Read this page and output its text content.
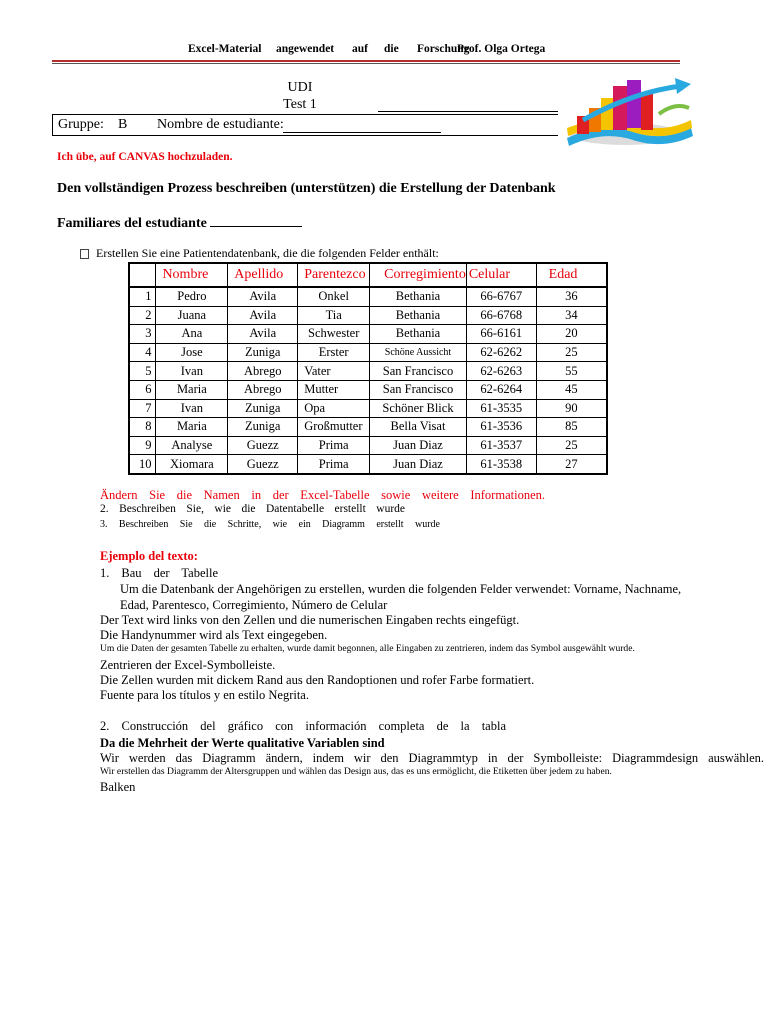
Excel-Material angewendet auf die Forschung
Prof. Olga Ortega
UDI
Test 1
Gruppe: B Nombre de estudiante:
Ich übe, auf CANVAS hochzuladen.
Den vollständigen Prozess beschreiben (unterstützen) die Erstellung der Datenbank
Familiares del estudiante
Erstellen Sie eine Patientendatenbank, die die folgenden Felder enthält:
	Nombre	Apellido	Parentezco	Corregimiento	Celular	Edad
1	Pedro	Avila	Onkel	Bethania	66-6767	36
2	Juana	Avila	Tia	Bethania	66-6768	34
3	Ana	Avila	Schwester	Bethania	66-6161	20
4	Jose	Zuniga	Erster	Schöne Aussicht	62-6262	25
5	Ivan	Abrego	Vater	San Francisco	62-6263	55
6	Maria	Abrego	Mutter	San Francisco	62-6264	45
7	Ivan	Zuniga	Opa	Schöner Blick	61-3535	90
8	Maria	Zuniga	Großmutter	Bella Visat	61-3536	85
9	Analyse	Guezz	Prima	Juan Diaz	61-3537	25
10	Xiomara	Guezz	Prima	Juan Diaz	61-3538	27
Ändern Sie die Namen in der Excel-Tabelle sowie weitere Informationen.
2. Beschreiben Sie, wie die Datentabelle erstellt wurde
3. Beschreiben Sie die Schritte, wie ein Diagramm erstellt wurde
Ejemplo del texto:
1. Bau der Tabelle
Um die Datenbank der Angehörigen zu erstellen, wurden die folgenden Felder verwendet: Vorname, Nachname,
Edad, Parentesco, Corregimiento, Número de Celular
Der Text wird links von den Zellen und die numerischen Eingaben rechts eingefügt.
Die Handynummer wird als Text eingegeben.
Um die Daten der gesamten Tabelle zu erhalten, wurde damit begonnen, alle Eingaben zu zentrieren, indem das Symbol ausgewählt wurde.
Zentrieren der Excel-Symbolleiste.
Die Zellen wurden mit dickem Rand aus den Randoptionen und rofer Farbe formatiert.
Fuente para los títulos y en estilo Negrita.
2. Construcción del gráfico con información completa de la tabla
Da die Mehrheit der Werte qualitative Variablen sind
Wir werden das Diagramm ändern, indem wir den Diagrammtyp in der Symbolleiste: Diagrammdesign auswählen.
Wir erstellen das Diagramm der Altersgruppen und wählen das Design aus, das es uns ermöglicht, die Etiketten über jedem zu haben.
Balken
